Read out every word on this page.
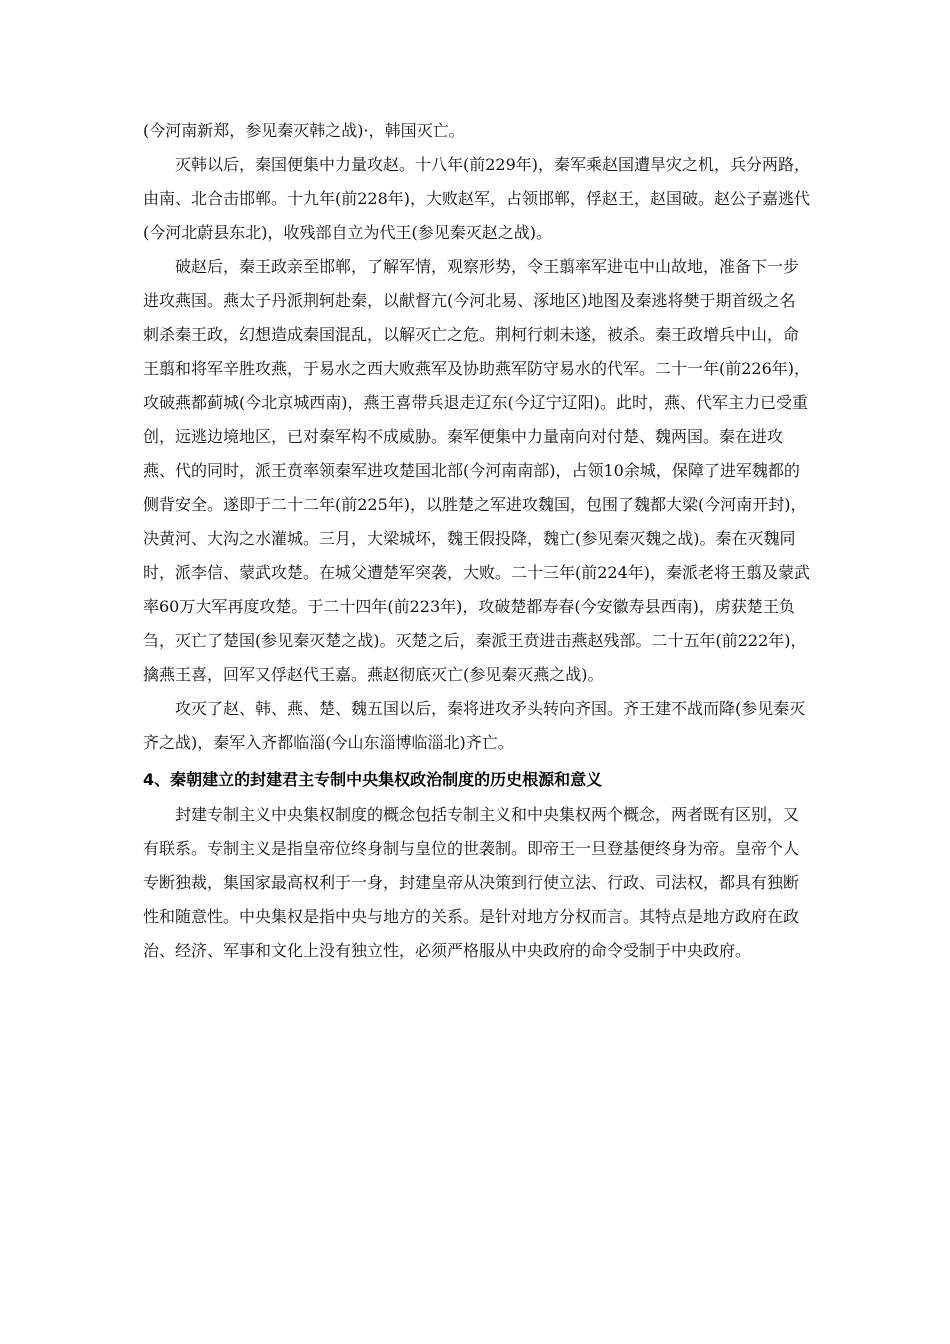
(今河南新郑，参见秦灭韩之战)·，韩国灭亡。

　　灭韩以后，秦国便集中力量攻赵。十八年(前229年)，秦军乘赵国遭旱灾之机，兵分两路，由南、北合击邯郸。十九年(前228年)，大败赵军，占领邯郸，俘赵王，赵国破。赵公子嘉逃代(今河北蔚县东北)，收残部自立为代王(参见秦灭赵之战)。

　　破赵后，秦王政亲至邯郸，了解军情，观察形势，令王翦率军进屯中山故地，准备下一步进攻燕国。燕太子丹派荆轲赴秦，以献督亢(今河北易、涿地区)地图及秦逃将樊于期首级之名刺杀秦王政，幻想造成秦国混乱，以解灭亡之危。荆柯行刺未遂，被杀。秦王政增兵中山，命王翦和将军辛胜攻燕，于易水之西大败燕军及协助燕军防守易水的代军。二十一年(前226年)，攻破燕都蓟城(今北京城西南)，燕王喜带兵退走辽东(今辽宁辽阳)。此时，燕、代军主力已受重创，远逃边境地区，已对秦军构不成威胁。秦军便集中力量南向对付楚、魏两国。秦在进攻燕、代的同时，派王贲率领秦军进攻楚国北部(今河南南部)，占领10余城，保障了进军魏都的侧背安全。遂即于二十二年(前225年)，以胜楚之军进攻魏国，包围了魏都大梁(今河南开封)，决黄河、大沟之水灌城。三月，大梁城坏，魏王假投降，魏亡(参见秦灭魏之战)。秦在灭魏同时，派李信、蒙武攻楚。在城父遭楚军突袭，大败。二十三年(前224年)，秦派老将王翦及蒙武率60万大军再度攻楚。于二十四年(前223年)，攻破楚都寿春(今安徽寿县西南)，虏获楚王负刍，灭亡了楚国(参见秦灭楚之战)。灭楚之后，秦派王贲进击燕赵残部。二十五年(前222年)，擒燕王喜，回军又俘赵代王嘉。燕赵彻底灭亡(参见秦灭燕之战)。

　　攻灭了赵、韩、燕、楚、魏五国以后，秦将进攻矛头转向齐国。齐王建不战而降(参见秦灭齐之战)，秦军入齐都临淄(今山东淄博临淄北)齐亡。

4、秦朝建立的封建君主专制中央集权政治制度的历史根源和意义

　　封建专制主义中央集权制度的概念包括专制主义和中央集权两个概念，两者既有区别，又有联系。专制主义是指皇帝位终身制与皇位的世袭制。即帝王一旦登基便终身为帝。皇帝个人专断独裁，集国家最高权利于一身，封建皇帝从决策到行使立法、行政、司法权，都具有独断性和随意性。中央集权是指中央与地方的关系。是针对地方分权而言。其特点是地方政府在政治、经济、军事和文化上没有独立性，必须严格服从中央政府的命令受制于中央政府。
